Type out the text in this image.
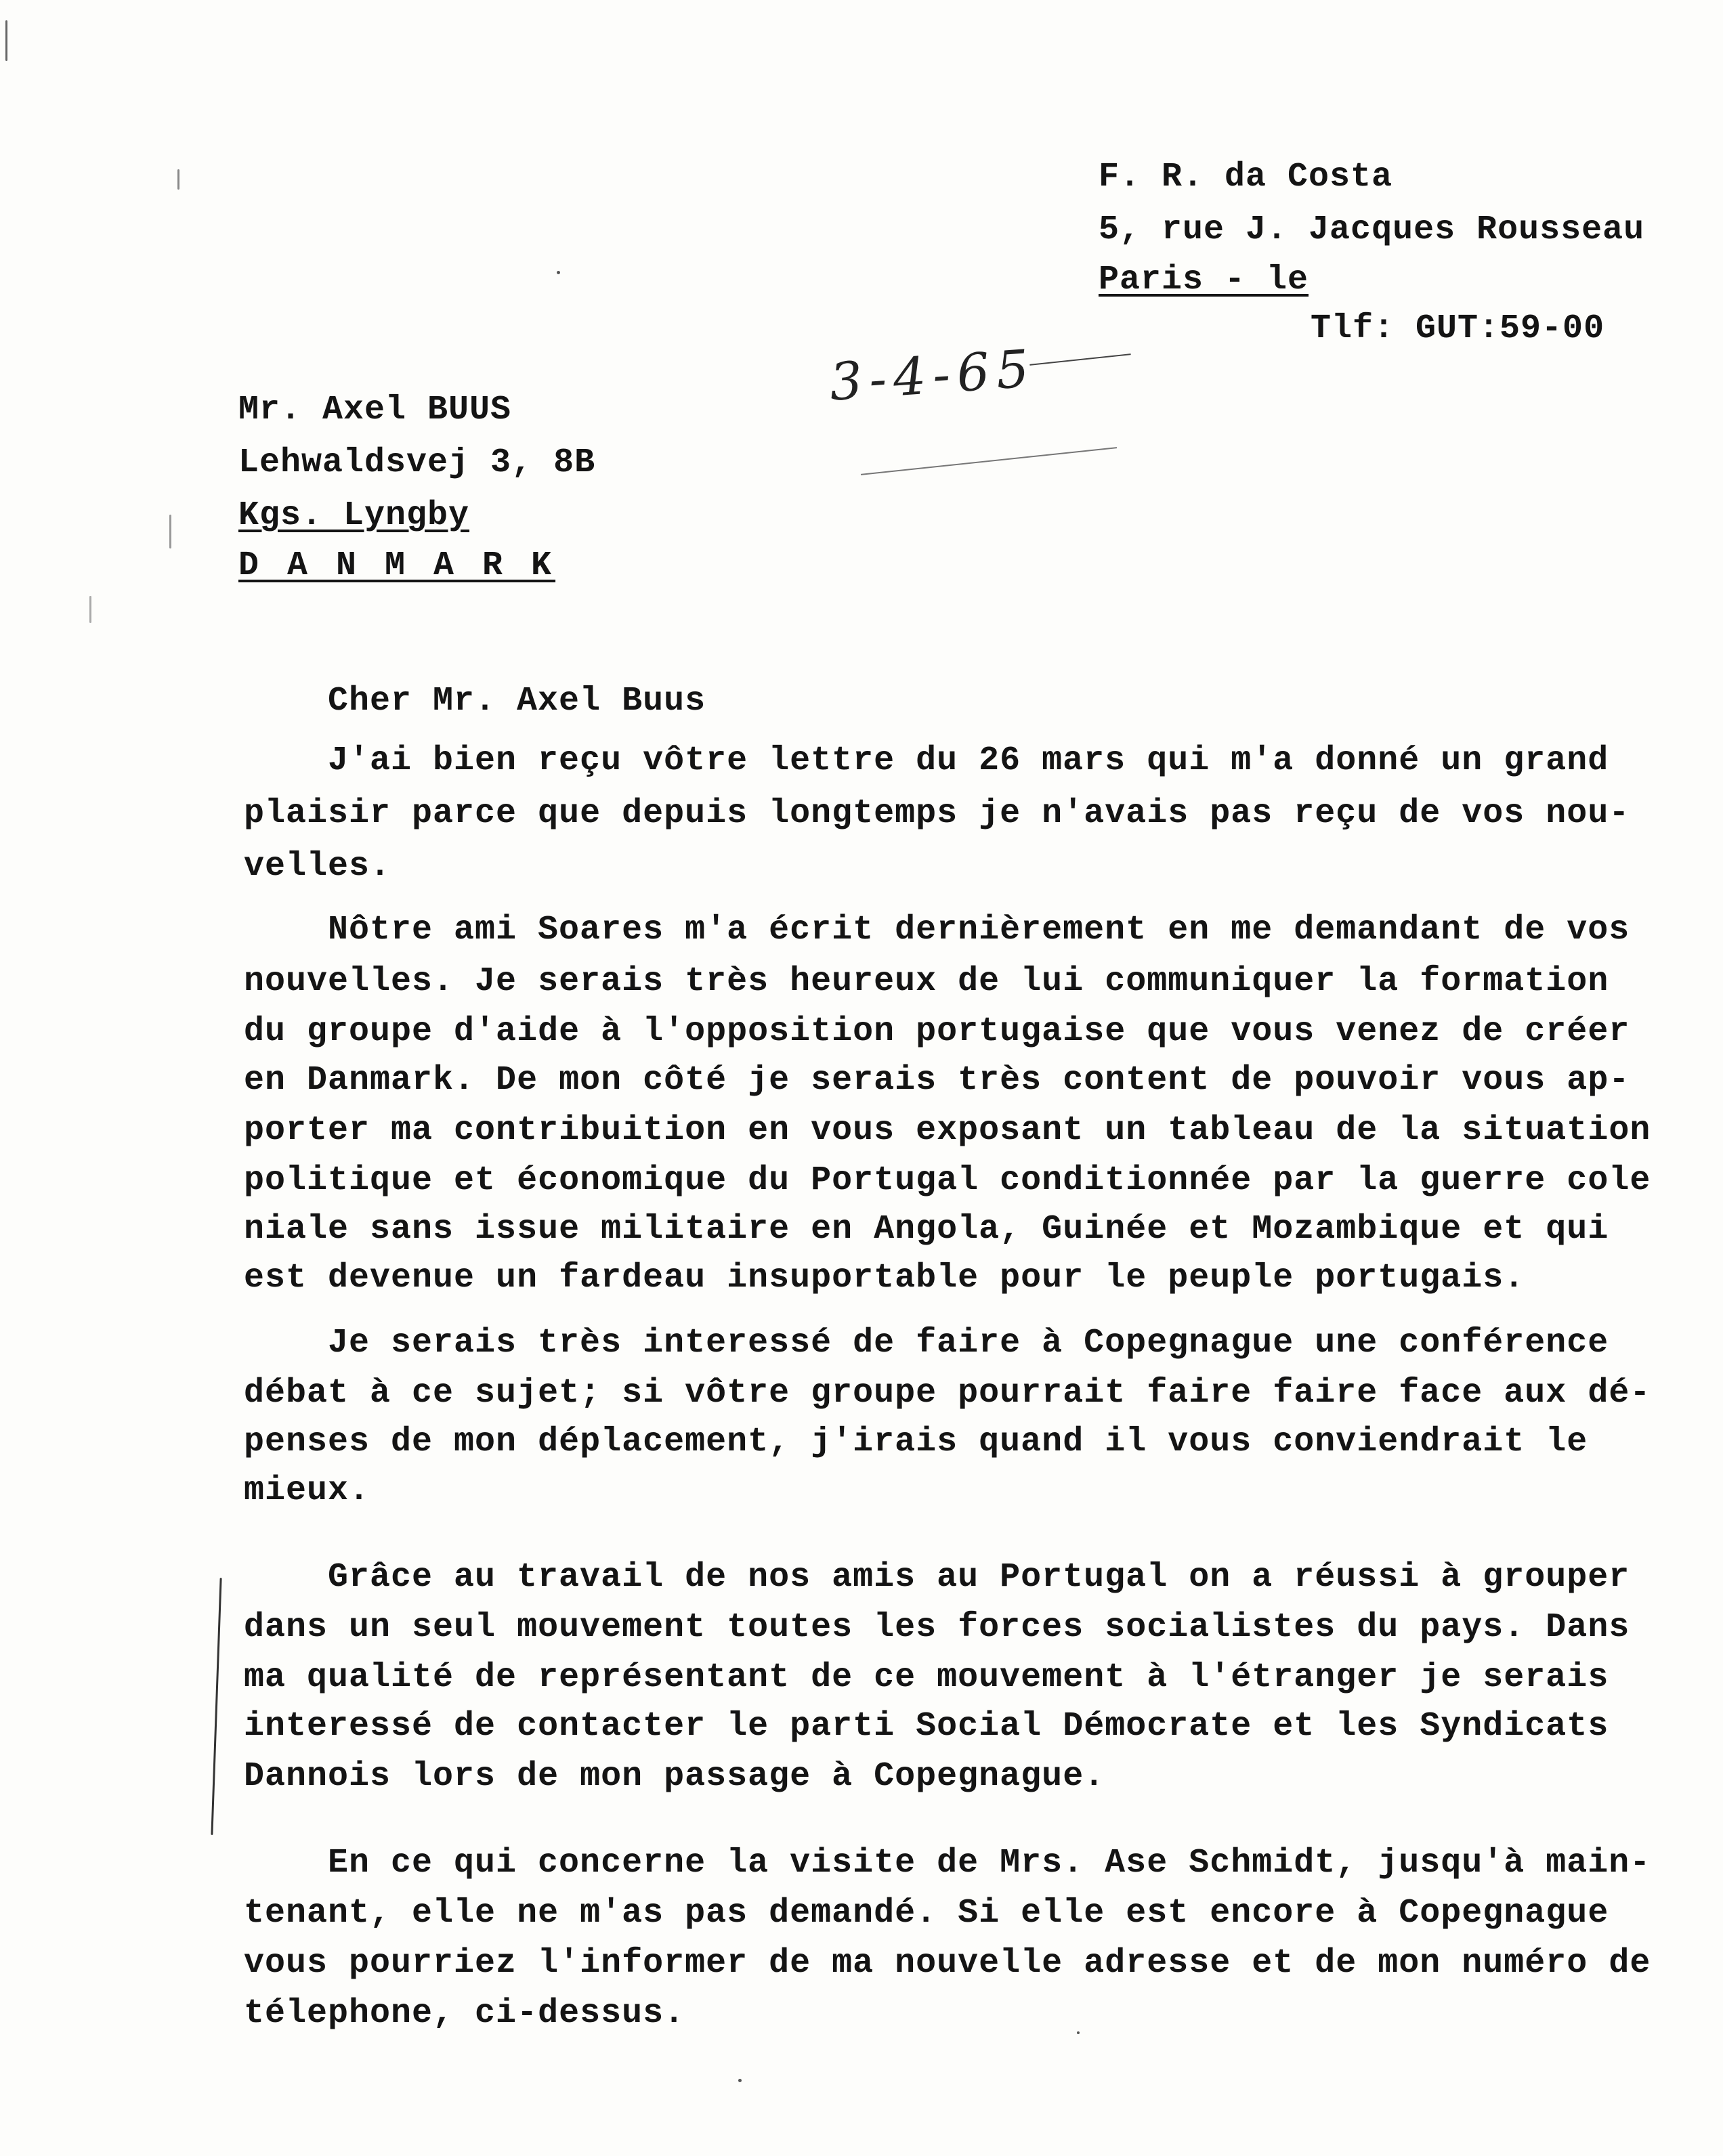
F. R. da Costa
5, rue J. Jacques Rousseau
Paris - le
Tlf: GUT:59-00
3-4-65
Mr. Axel BUUS
Lehwaldsvej 3, 8B
Kgs. Lyngby
D A N M A R K
Cher Mr. Axel Buus
J'ai bien reçu vôtre lettre du 26 mars qui m'a donné un grand
plaisir parce que depuis longtemps je n'avais pas reçu de vos nou-
velles.
Nôtre ami Soares m'a écrit dernièrement en me demandant de vos
nouvelles. Je serais très heureux de lui communiquer la formation
du groupe d'aide à l'opposition portugaise que vous venez de créer
en Danmark. De mon côté je serais très content de pouvoir vous ap-
porter ma contribuition en vous exposant un tableau de la situation
politique et économique du Portugal conditionnée par la guerre cole
niale sans issue militaire en Angola, Guinée et Mozambique et qui
est devenue un fardeau insuportable pour le peuple portugais.
Je serais très interessé de faire à Copegnague une conférence
débat à ce sujet; si vôtre groupe pourrait faire faire face aux dé-
penses de mon déplacement, j'irais quand il vous conviendrait le
mieux.
Grâce au travail de nos amis au Portugal on a réussi à grouper
dans un seul mouvement toutes les forces socialistes du pays. Dans
ma qualité de représentant de ce mouvement à l'étranger je serais
interessé de contacter le parti Social Démocrate et les Syndicats
Dannois lors de mon passage à Copegnague.
En ce qui concerne la visite de Mrs. Ase Schmidt, jusqu'à main-
tenant, elle ne m'as pas demandé. Si elle est encore à Copegnague
vous pourriez l'informer de ma nouvelle adresse et de mon numéro de
télephone, ci-dessus.
